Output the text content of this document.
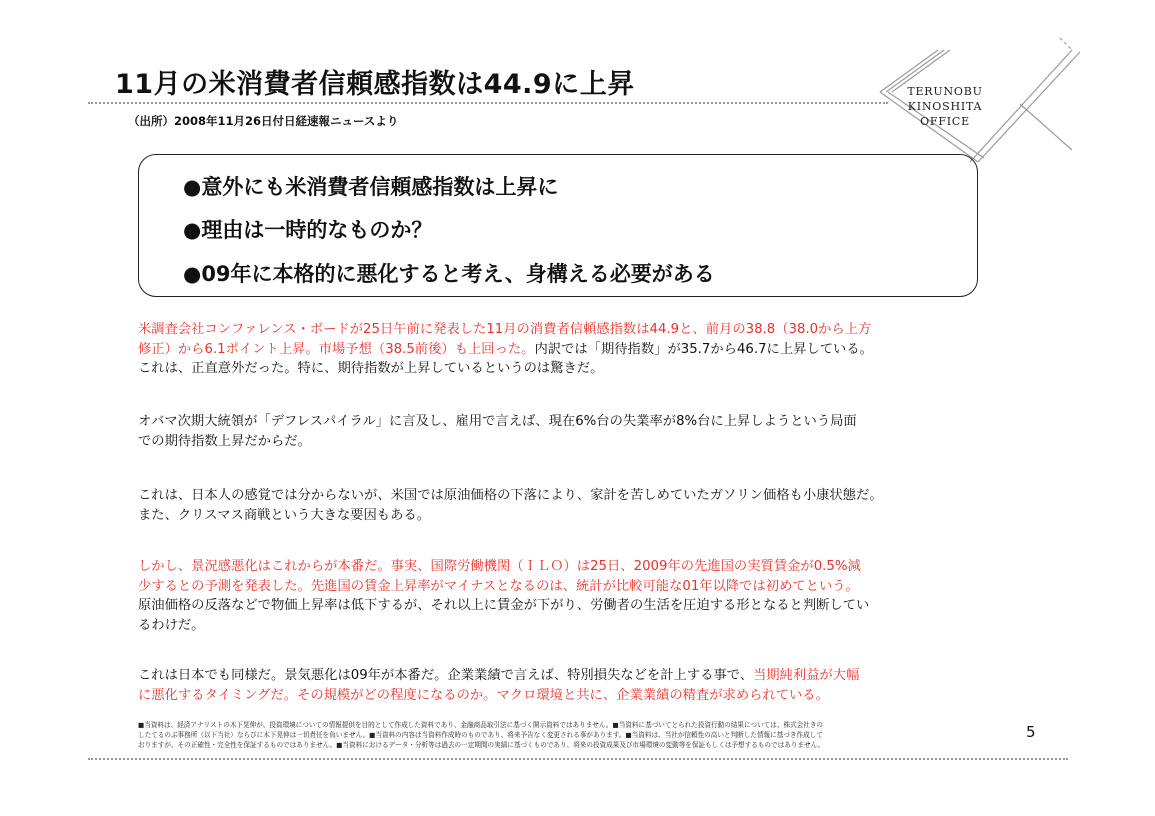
11月の米消費者信頼感指数は44.9に上昇
（出所）2008年11月26日付日経速報ニュースより
TERUNOBU
KINOSHITA
OFFICE
●意外にも米消費者信頼感指数は上昇に
●理由は一時的なものか？
●09年に本格的に悪化すると考え、身構える必要がある

米調査会社コンファレンス・ボードが25日午前に発表した11月の消費者信頼感指数は44.9と、前月の38.8（38.0から上方
修正）から6.1ポイント上昇。市場予想（38.5前後）も上回った。内訳では「期待指数」が35.7から46.7に上昇している。
これは、正直意外だった。特に、期待指数が上昇しているというのは驚きだ。

オバマ次期大統領が「デフレスパイラル」に言及し、雇用で言えば、現在6%台の失業率が8%台に上昇しようという局面
での期待指数上昇だからだ。

これは、日本人の感覚では分からないが、米国では原油価格の下落により、家計を苦しめていたガソリン価格も小康状態だ。
また、クリスマス商戦という大きな要因もある。

しかし、景況感悪化はこれからが本番だ。事実、国際労働機関（ＩＬＯ）は25日、2009年の先進国の実質賃金が0.5%減
少するとの予測を発表した。先進国の賃金上昇率がマイナスとなるのは、統計が比較可能な01年以降では初めてという。
原油価格の反落などで物価上昇率は低下するが、それ以上に賃金が下がり、労働者の生活を圧迫する形となると判断してい
るわけだ。

これは日本でも同様だ。景気悪化は09年が本番だ。企業業績で言えば、特別損失などを計上する事で、当期純利益が大幅
に悪化するタイミングだ。その規模がどの程度になるのか。マクロ環境と共に、企業業績の精査が求められている。

■当資料は、経済アナリストの木下晃伸が、投資環境についての情報提供を目的として作成した資料であり、金融商品取引法に基づく開示資料ではありません。■当資料に基づいてとられた投資行動の結果については、株式会社きの
したてるのぶ事務所（以下当社）ならびに木下晃伸は一切責任を負いません。■当資料の内容は当資料作成時のものであり、将来予告なく変更される事があります。■当資料は、当社が信頼性の高いと判断した情報に基づき作成して
おりますが、その正確性・完全性を保証するものではありません。■当資料におけるデータ・分析等は過去の一定期間の実績に基づくものであり、将来の投資成果及び市場環境の変動等を保証もしくは予想するものではありません。
5
